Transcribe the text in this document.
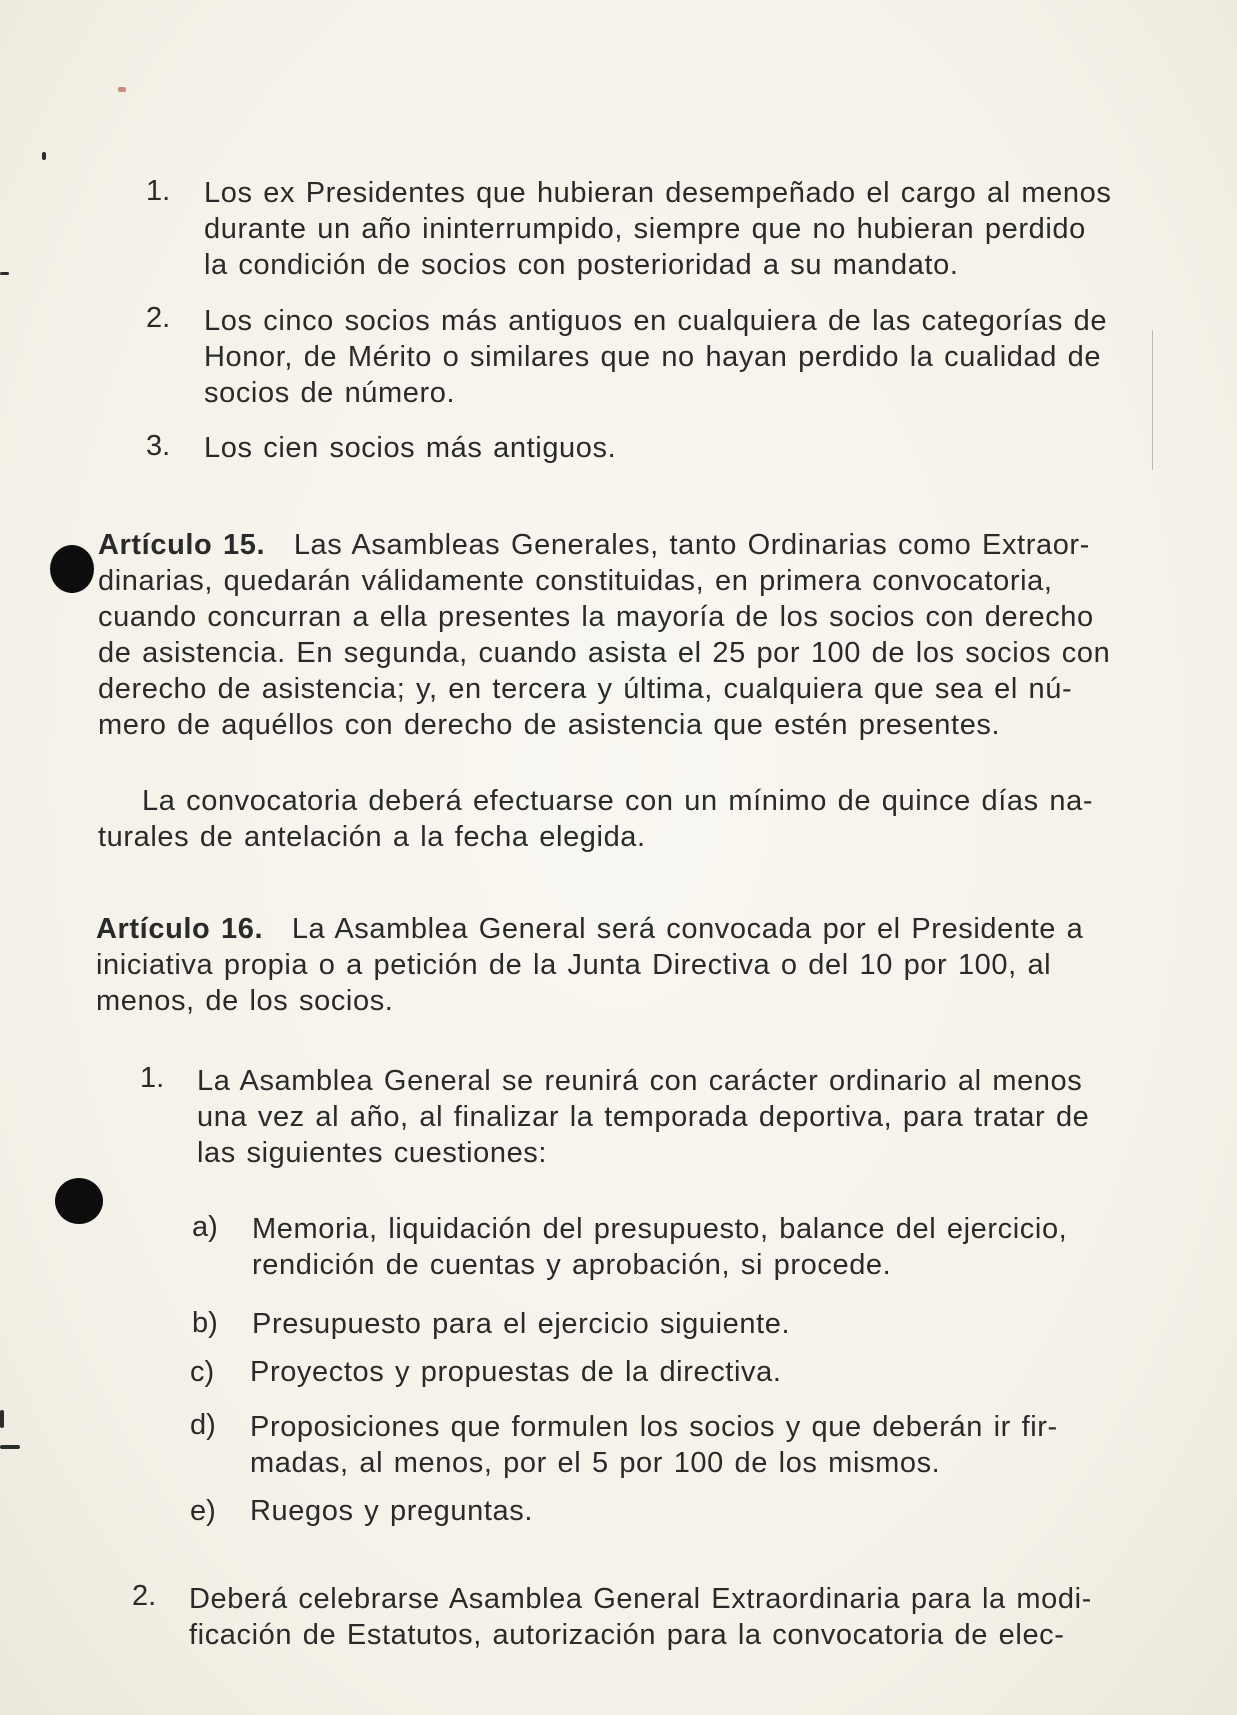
1. Los ex Presidentes que hubieran desempeñado el cargo al menos
durante un año ininterrumpido, siempre que no hubieran perdido
la condición de socios con posterioridad a su mandato.
2. Los cinco socios más antiguos en cualquiera de las categorías de
Honor, de Mérito o similares que no hayan perdido la cualidad de
socios de número.
3. Los cien socios más antiguos.
Artículo 15. Las Asambleas Generales, tanto Ordinarias como Extraor-
dinarias, quedarán válidamente constituidas, en primera convocatoria,
cuando concurran a ella presentes la mayoría de los socios con derecho
de asistencia. En segunda, cuando asista el 25 por 100 de los socios con
derecho de asistencia; y, en tercera y última, cualquiera que sea el nú-
mero de aquéllos con derecho de asistencia que estén presentes.
La convocatoria deberá efectuarse con un mínimo de quince días na-
turales de antelación a la fecha elegida.
Artículo 16. La Asamblea General será convocada por el Presidente a
iniciativa propia o a petición de la Junta Directiva o del 10 por 100, al
menos, de los socios.
1. La Asamblea General se reunirá con carácter ordinario al menos
una vez al año, al finalizar la temporada deportiva, para tratar de
las siguientes cuestiones:
a) Memoria, liquidación del presupuesto, balance del ejercicio,
rendición de cuentas y aprobación, si procede.
b) Presupuesto para el ejercicio siguiente.
c) Proyectos y propuestas de la directiva.
d) Proposiciones que formulen los socios y que deberán ir fir-
madas, al menos, por el 5 por 100 de los mismos.
e) Ruegos y preguntas.
2. Deberá celebrarse Asamblea General Extraordinaria para la modi-
ficación de Estatutos, autorización para la convocatoria de elec-
